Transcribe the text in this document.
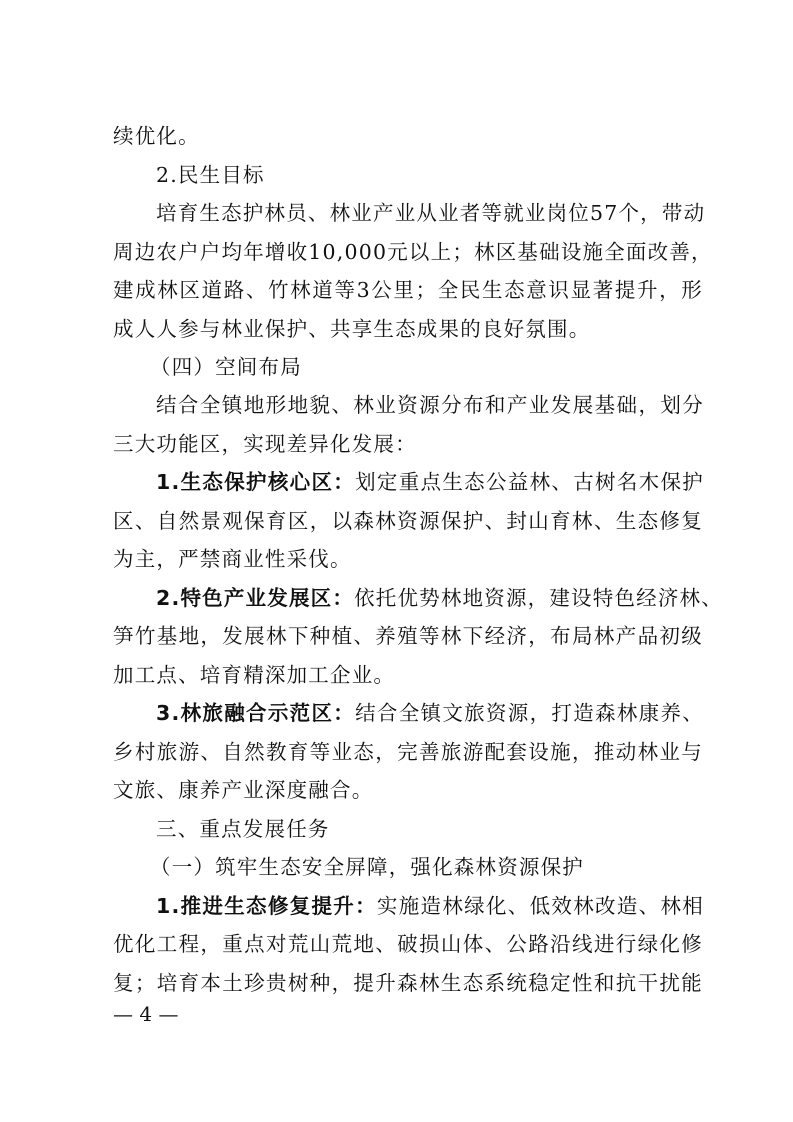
续优化。
2.民生目标
培育生态护林员、林业产业从业者等就业岗位57个，带动
周边农户户均年增收10,000元以上；林区基础设施全面改善，
建成林区道路、竹林道等3公里；全民生态意识显著提升，形
成人人参与林业保护、共享生态成果的良好氛围。
（四）空间布局
结合全镇地形地貌、林业资源分布和产业发展基础，划分
三大功能区，实现差异化发展：
1.生态保护核心区：划定重点生态公益林、古树名木保护
区、自然景观保育区，以森林资源保护、封山育林、生态修复
为主，严禁商业性采伐。
2.特色产业发展区：依托优势林地资源，建设特色经济林、
笋竹基地，发展林下种植、养殖等林下经济，布局林产品初级
加工点、培育精深加工企业。
3.林旅融合示范区：结合全镇文旅资源，打造森林康养、
乡村旅游、自然教育等业态，完善旅游配套设施，推动林业与
文旅、康养产业深度融合。
三、重点发展任务
（一）筑牢生态安全屏障，强化森林资源保护
1.推进生态修复提升：实施造林绿化、低效林改造、林相
优化工程，重点对荒山荒地、破损山体、公路沿线进行绿化修
复；培育本土珍贵树种，提升森林生态系统稳定性和抗干扰能
— 4 —
